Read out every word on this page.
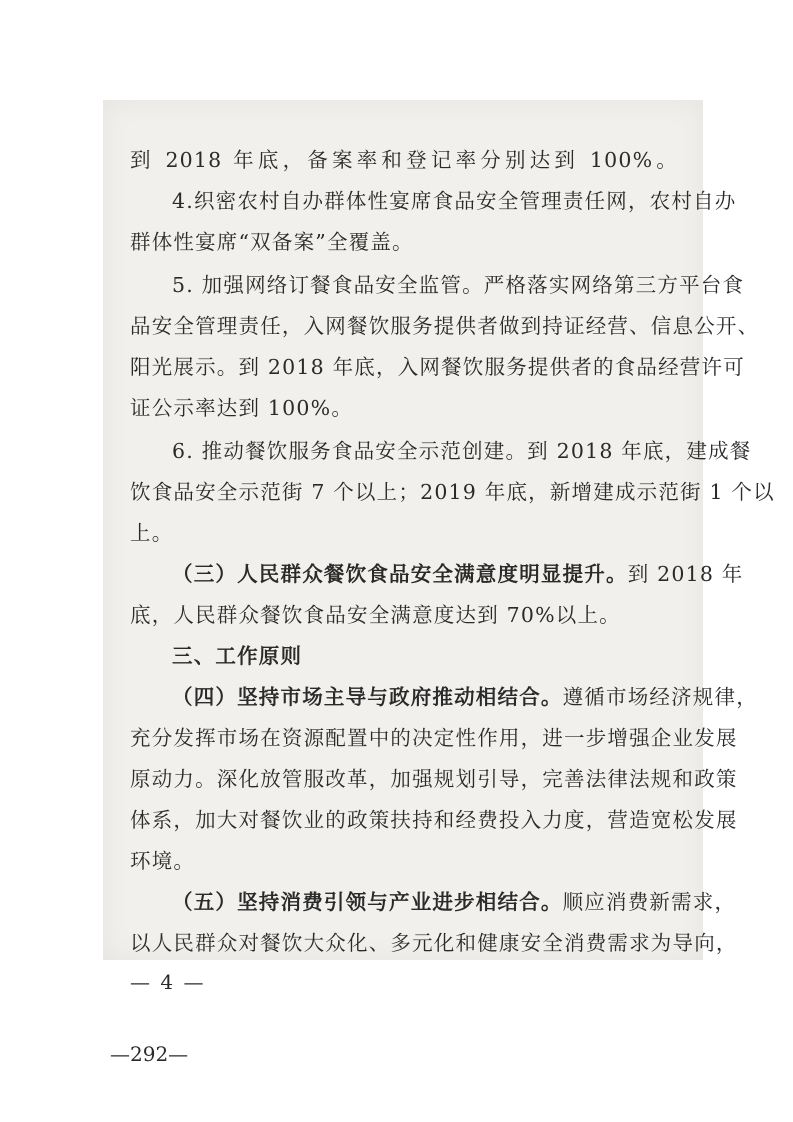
到 2018 年底，备案率和登记率分别达到 100%。
4.织密农村自办群体性宴席食品安全管理责任网，农村自办
群体性宴席“双备案”全覆盖。
5. 加强网络订餐食品安全监管。严格落实网络第三方平台食
品安全管理责任，入网餐饮服务提供者做到持证经营、信息公开、
阳光展示。到 2018 年底，入网餐饮服务提供者的食品经营许可
证公示率达到 100%。
6. 推动餐饮服务食品安全示范创建。到 2018 年底，建成餐
饮食品安全示范街 7 个以上；2019 年底，新增建成示范街 1 个以
上。
（三）人民群众餐饮食品安全满意度明显提升。到 2018 年
底，人民群众餐饮食品安全满意度达到 70%以上。
三、工作原则
（四）坚持市场主导与政府推动相结合。遵循市场经济规律，
充分发挥市场在资源配置中的决定性作用，进一步增强企业发展
原动力。深化放管服改革，加强规划引导，完善法律法规和政策
体系，加大对餐饮业的政策扶持和经费投入力度，营造宽松发展
环境。
（五）坚持消费引领与产业进步相结合。顺应消费新需求，
以人民群众对餐饮大众化、多元化和健康安全消费需求为导向，
— 4 —
—292—
